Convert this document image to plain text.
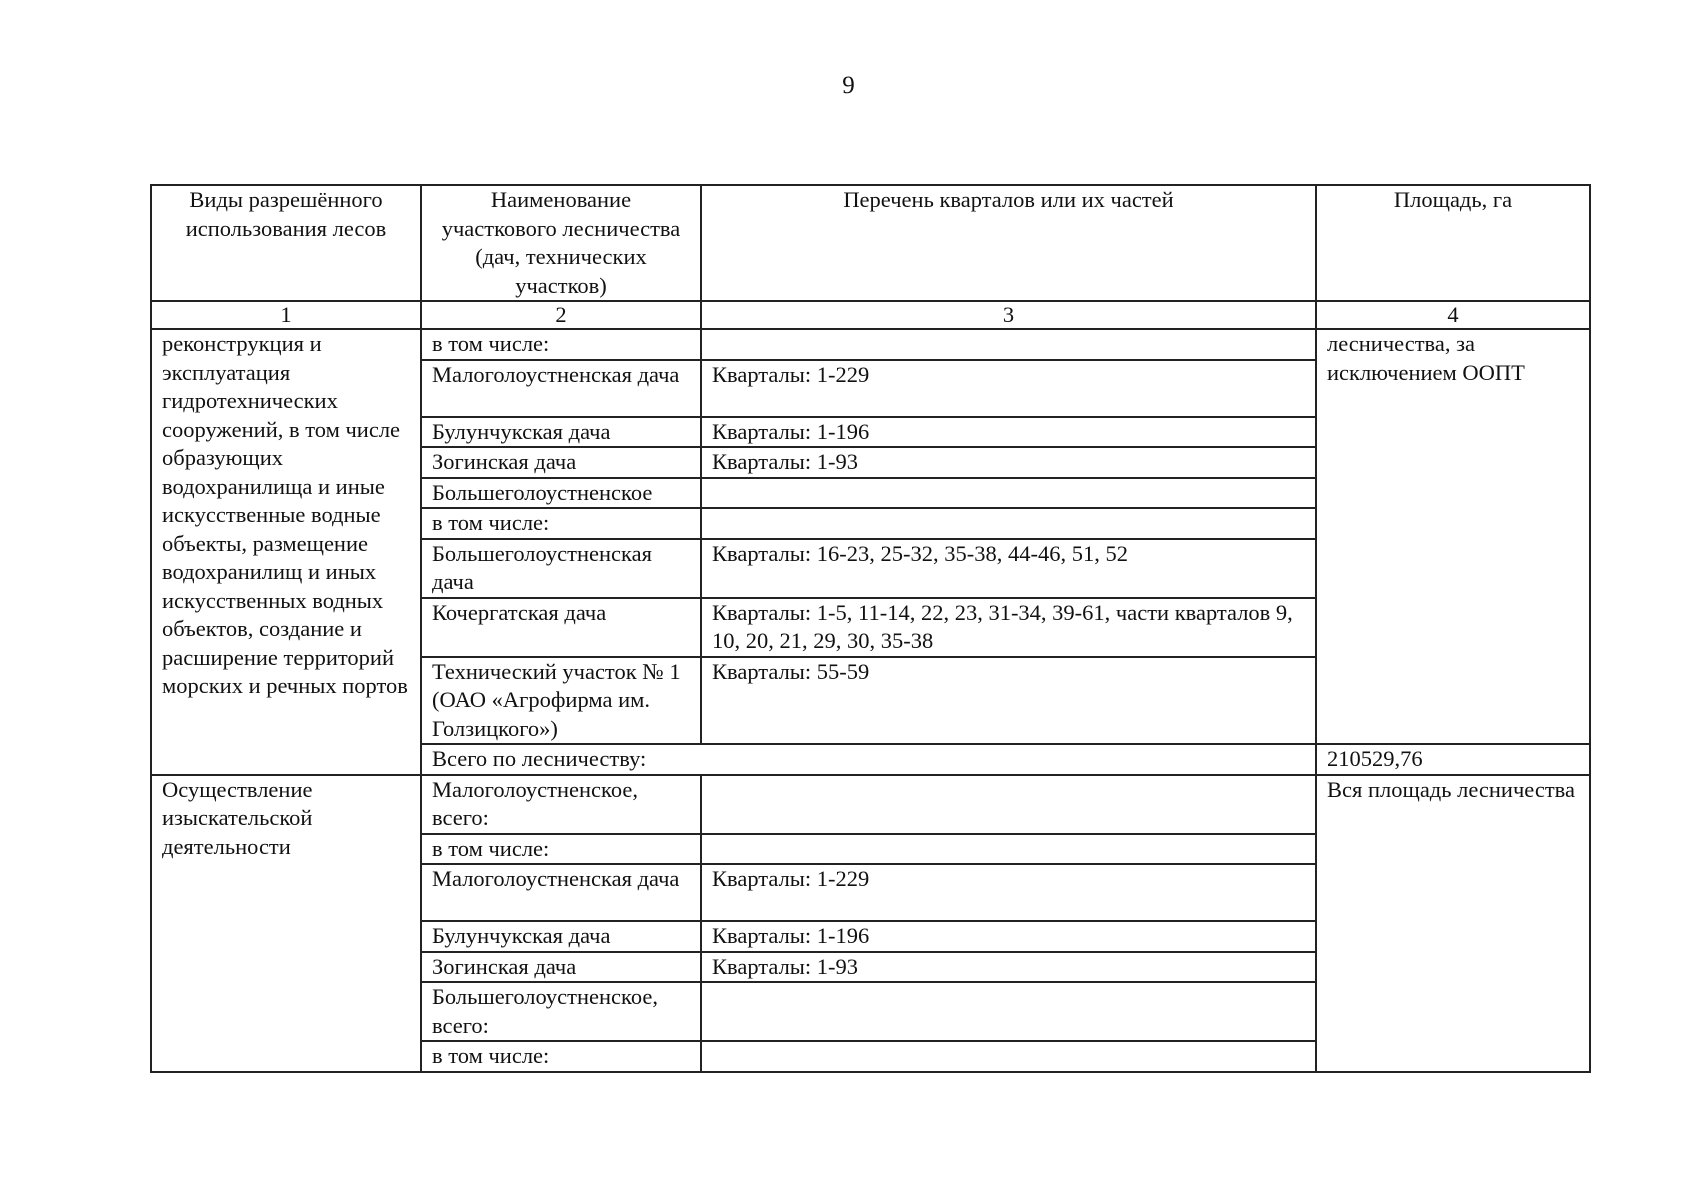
9
Виды разрешённого использования лесов	Наименование участкового лесничества (дач, технических участков)	Перечень кварталов или их частей	Площадь, га
1	2	3	4
реконструкция и эксплуатация гидротехнических сооружений, в том числе образующих водохранилища и иные искусственные водные объекты, размещение водохранилищ и иных искусственных водных объектов, создание и расширение территорий морских и речных портов	в том числе:		лесничества, за исключением ООПТ
	Малоголоустненская дача	Кварталы: 1-229	
	Булунчукская дача	Кварталы: 1-196	
	Зогинская дача	Кварталы: 1-93	
	Большеголоустненское		
	в том числе:		
	Большеголоустненская дача	Кварталы: 16-23, 25-32, 35-38, 44-46, 51, 52	
	Кочергатская дача	Кварталы: 1-5, 11-14, 22, 23, 31-34, 39-61, части кварталов 9, 10, 20, 21, 29, 30, 35-38	
	Технический участок № 1 (ОАО «Агрофирма им. Голзицкого»)	Кварталы: 55-59	
	Всего по лесничеству:		210529,76
Осуществление изыскательской деятельности	Малоголоустненское, всего:		Вся площадь лесничества
	в том числе:		
	Малоголоустненская дача	Кварталы: 1-229	
	Булунчукская дача	Кварталы: 1-196	
	Зогинская дача	Кварталы: 1-93	
	Большеголоустненское, всего:		
	в том числе:		
